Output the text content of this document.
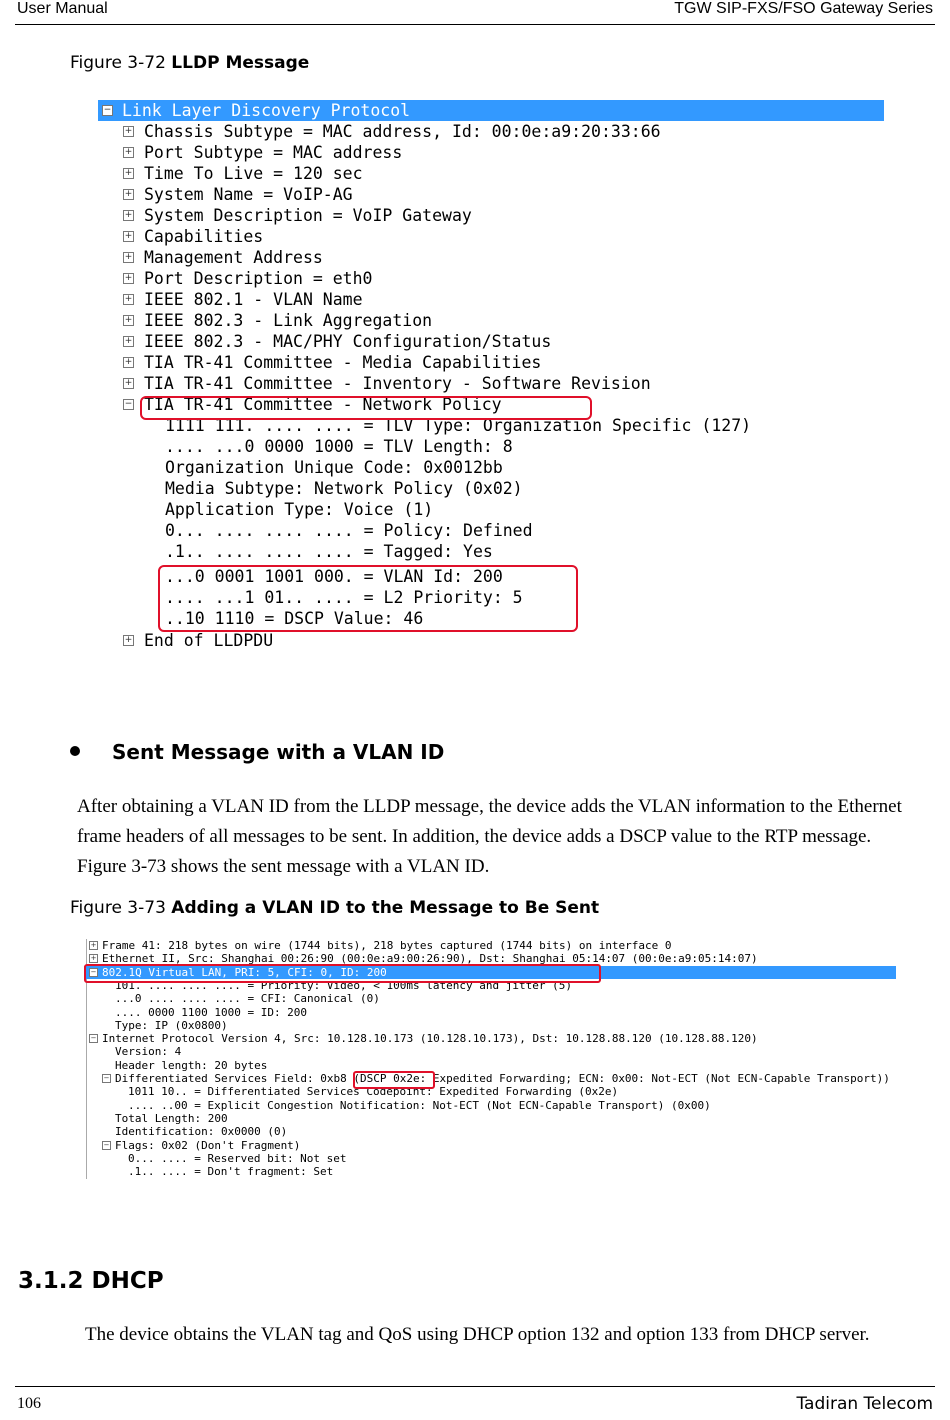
User Manual	TGW SIP-FXS/FSO Gateway Series
Figure 3-72 LLDP Message
− Link Layer Discovery Protocol
+ Chassis Subtype = MAC address, Id: 00:0e:a9:20:33:66
+ Port Subtype = MAC address
+ Time To Live = 120 sec
+ System Name = VoIP-AG
+ System Description = VoIP Gateway
+ Capabilities
+ Management Address
+ Port Description = eth0
+ IEEE 802.1 - VLAN Name
+ IEEE 802.3 - Link Aggregation
+ IEEE 802.3 - MAC/PHY Configuration/Status
+ TIA TR-41 Committee - Media Capabilities
+ TIA TR-41 Committee - Inventory - Software Revision
− TIA TR-41 Committee - Network Policy
1111 111. .... .... = TLV Type: Organization Specific (127)
.... ...0 0000 1000 = TLV Length: 8
Organization Unique Code: 0x0012bb
Media Subtype: Network Policy (0x02)
Application Type: Voice (1)
0... .... .... .... = Policy: Defined
.1.. .... .... .... = Tagged: Yes
...0 0001 1001 000. = VLAN Id: 200
.... ...1 01.. .... = L2 Priority: 5
..10 1110 = DSCP Value: 46
+ End of LLDPDU
Sent Message with a VLAN ID
After obtaining a VLAN ID from the LLDP message, the device adds the VLAN information to the Ethernet frame headers of all messages to be sent. In addition, the device adds a DSCP value to the RTP message. Figure 3-73 shows the sent message with a VLAN ID.
Figure 3-73 Adding a VLAN ID to the Message to Be Sent
+ Frame 41: 218 bytes on wire (1744 bits), 218 bytes captured (1744 bits) on interface 0
+ Ethernet II, Src: Shanghai_00:26:90 (00:0e:a9:00:26:90), Dst: Shanghai_05:14:07 (00:0e:a9:05:14:07)
− 802.1Q Virtual LAN, PRI: 5, CFI: 0, ID: 200
101. .... .... .... = Priority: Video, < 100ms latency and jitter (5)
...0 .... .... .... = CFI: Canonical (0)
.... 0000 1100 1000 = ID: 200
Type: IP (0x0800)
− Internet Protocol Version 4, Src: 10.128.10.173 (10.128.10.173), Dst: 10.128.88.120 (10.128.88.120)
Version: 4
Header length: 20 bytes
− Differentiated Services Field: 0xb8 (DSCP 0x2e: Expedited Forwarding; ECN: 0x00: Not-ECT (Not ECN-Capable Transport))
1011 10.. = Differentiated Services Codepoint: Expedited Forwarding (0x2e)
.... ..00 = Explicit Congestion Notification: Not-ECT (Not ECN-Capable Transport) (0x00)
Total Length: 200
Identification: 0x0000 (0)
− Flags: 0x02 (Don't Fragment)
0... .... = Reserved bit: Not set
.1.. .... = Don't fragment: Set
3.1.2 DHCP
The device obtains the VLAN tag and QoS using DHCP option 132 and option 133 from DHCP server.
106	Tadiran Telecom
